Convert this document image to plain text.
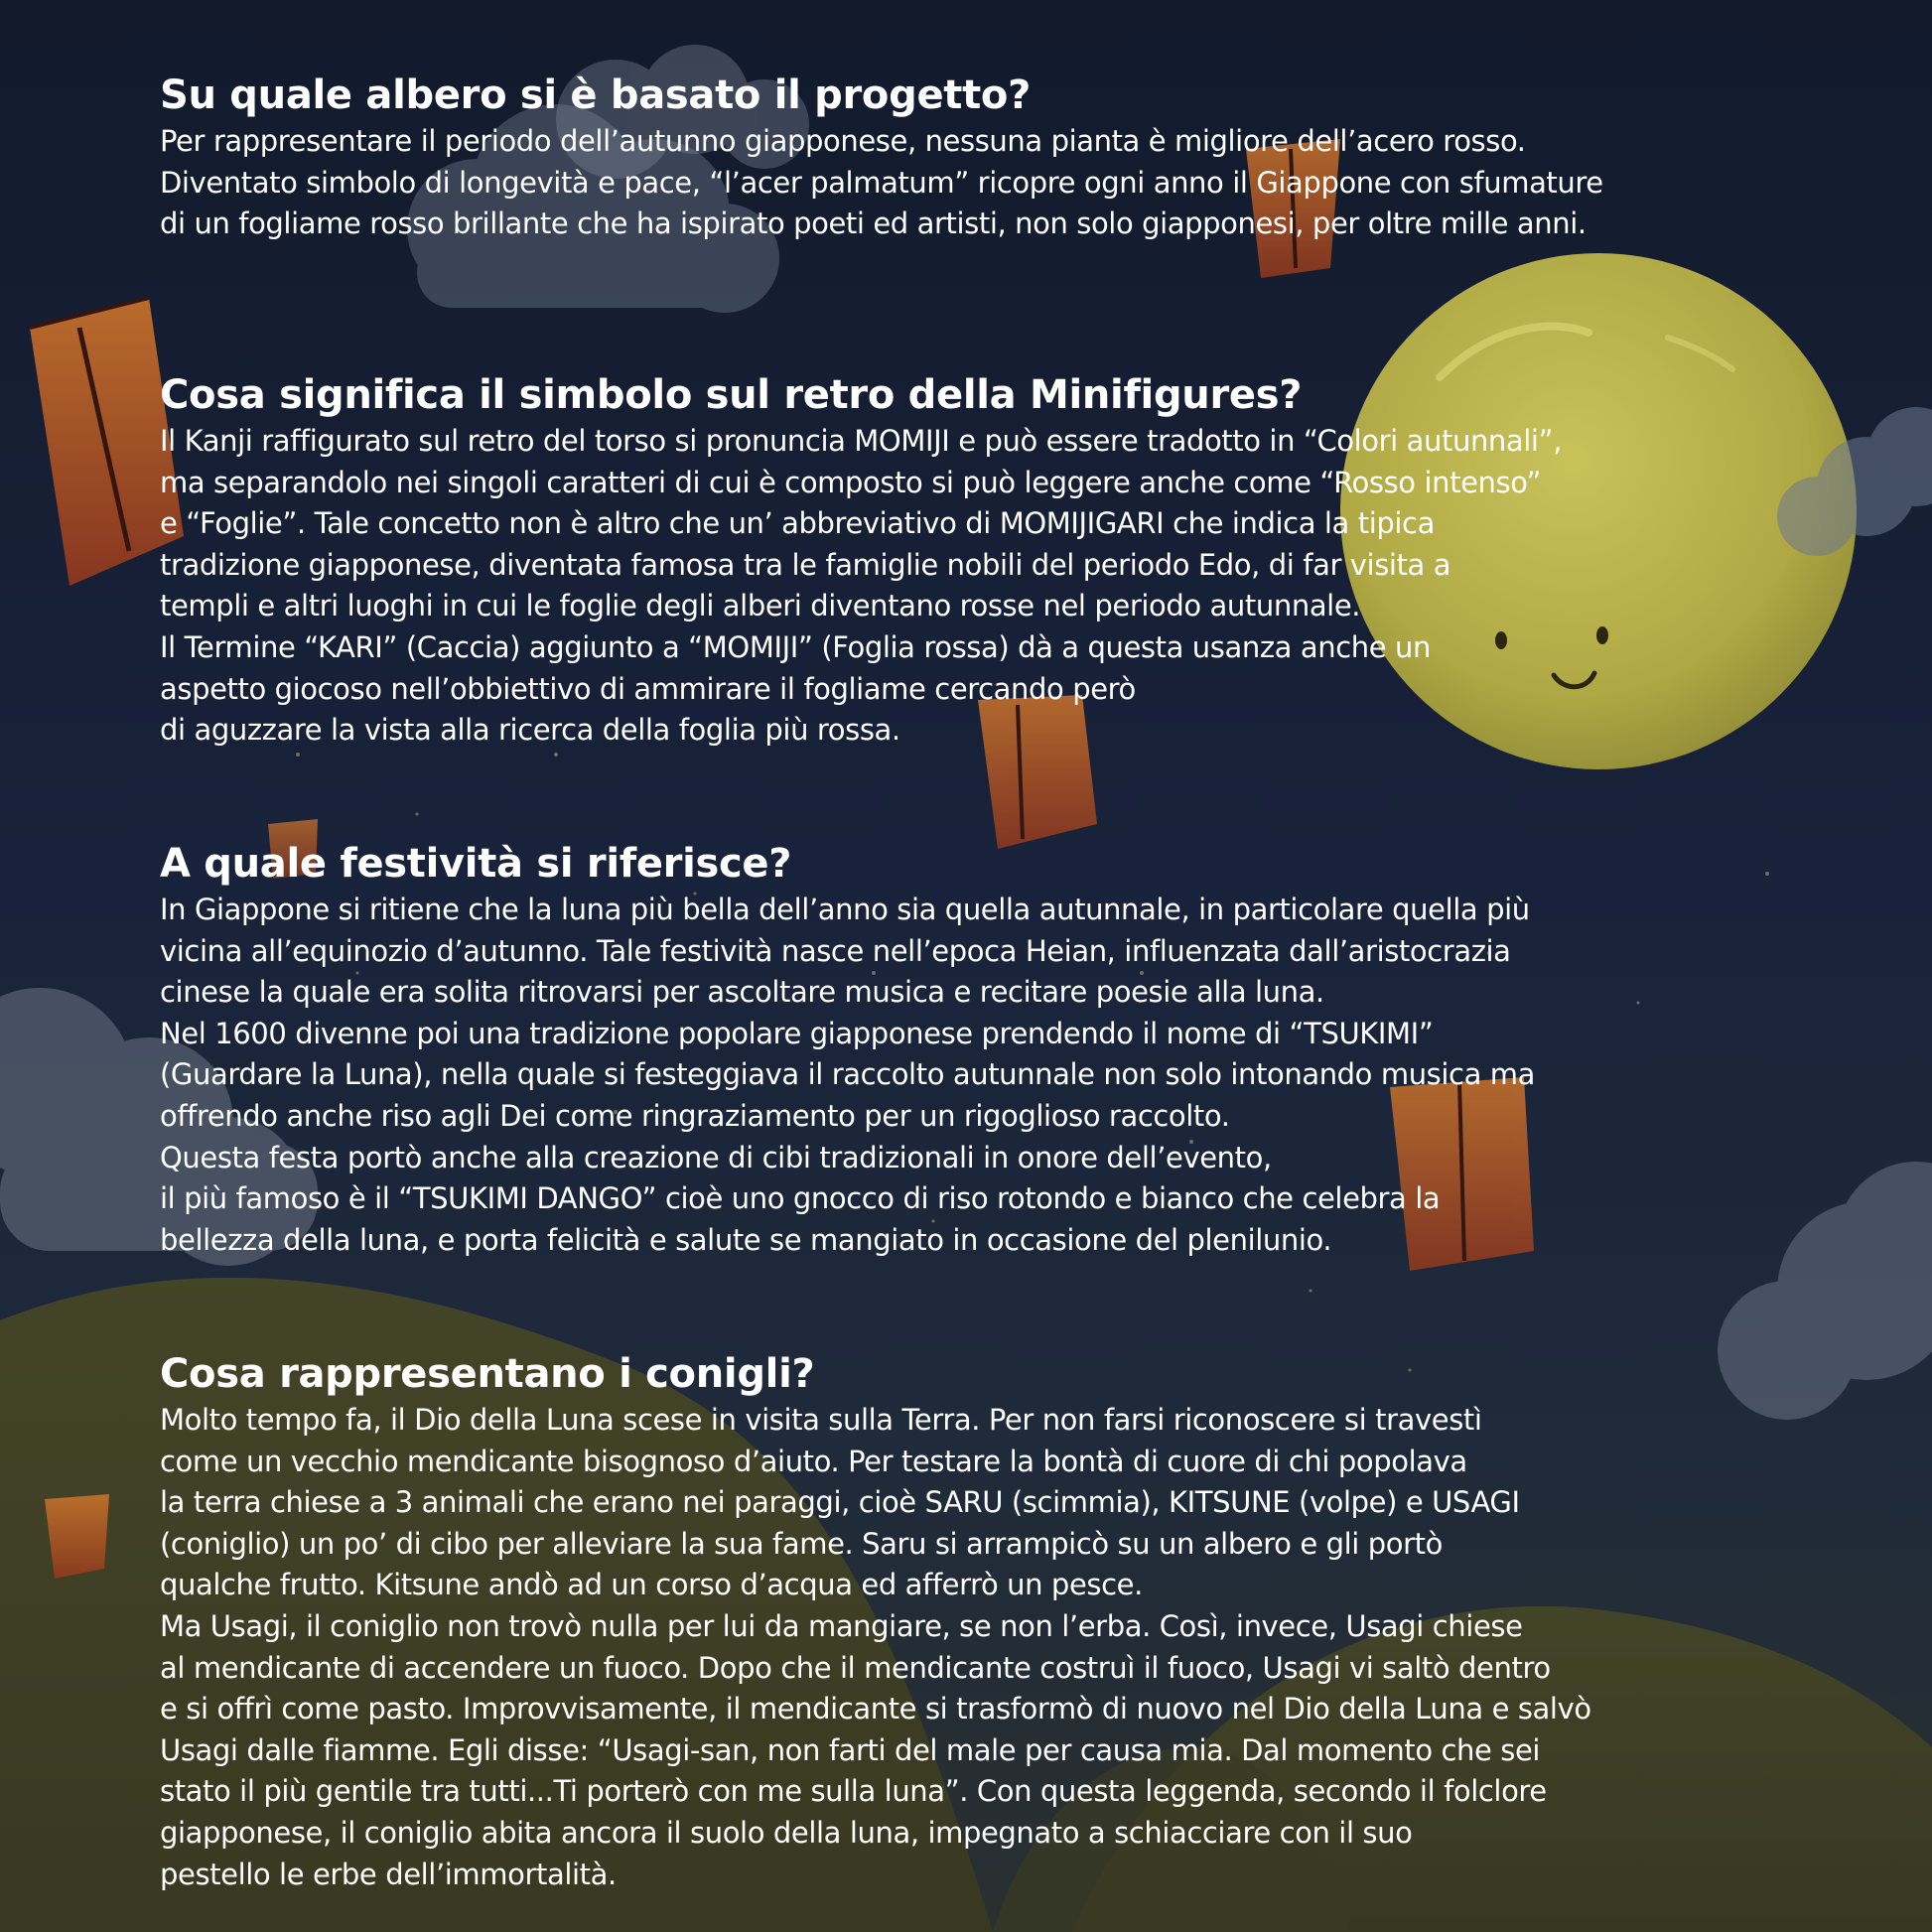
Su quale albero si è basato il progetto?
Per rappresentare il periodo dell’autunno giapponese, nessuna pianta è migliore dell’acero rosso.
Diventato simbolo di longevità e pace, “l’acer palmatum” ricopre ogni anno il Giappone con sfumature
di un fogliame rosso brillante che ha ispirato poeti ed artisti, non solo giapponesi, per oltre mille anni.
Cosa significa il simbolo sul retro della Minifigures?
Il Kanji raffigurato sul retro del torso si pronuncia MOMIJI e può essere tradotto in “Colori autunnali”,
ma separandolo nei singoli caratteri di cui è composto si può leggere anche come “Rosso intenso”
e “Foglie”. Tale concetto non è altro che un’ abbreviativo di MOMIJIGARI che indica la tipica
tradizione giapponese, diventata famosa tra le famiglie nobili del periodo Edo, di far visita a
templi e altri luoghi in cui le foglie degli alberi diventano rosse nel periodo autunnale.
Il Termine “KARI” (Caccia) aggiunto a “MOMIJI” (Foglia rossa) dà a questa usanza anche un
aspetto giocoso nell’obbiettivo di ammirare il fogliame cercando però
di aguzzare la vista alla ricerca della foglia più rossa.
A quale festività si riferisce?
In Giappone si ritiene che la luna più bella dell’anno sia quella autunnale, in particolare quella più
vicina all’equinozio d’autunno. Tale festività nasce nell’epoca Heian, influenzata dall’aristocrazia
cinese la quale era solita ritrovarsi per ascoltare musica e recitare poesie alla luna.
Nel 1600 divenne poi una tradizione popolare giapponese prendendo il nome di “TSUKIMI”
(Guardare la Luna), nella quale si festeggiava il raccolto autunnale non solo intonando musica ma
offrendo anche riso agli Dei come ringraziamento per un rigoglioso raccolto.
Questa festa portò anche alla creazione di cibi tradizionali in onore dell’evento,
il più famoso è il “TSUKIMI DANGO” cioè uno gnocco di riso rotondo e bianco che celebra la
bellezza della luna, e porta felicità e salute se mangiato in occasione del plenilunio.
Cosa rappresentano i conigli?
Molto tempo fa, il Dio della Luna scese in visita sulla Terra. Per non farsi riconoscere si travestì
come un vecchio mendicante bisognoso d’aiuto. Per testare la bontà di cuore di chi popolava
la terra chiese a 3 animali che erano nei paraggi, cioè SARU (scimmia), KITSUNE (volpe) e USAGI
(coniglio) un po’ di cibo per alleviare la sua fame. Saru si arrampicò su un albero e gli portò
qualche frutto. Kitsune andò ad un corso d’acqua ed afferrò un pesce.
Ma Usagi, il coniglio non trovò nulla per lui da mangiare, se non l’erba. Così, invece, Usagi chiese
al mendicante di accendere un fuoco. Dopo che il mendicante costruì il fuoco, Usagi vi saltò dentro
e si offrì come pasto. Improvvisamente, il mendicante si trasformò di nuovo nel Dio della Luna e salvò
Usagi dalle fiamme. Egli disse: “Usagi-san, non farti del male per causa mia. Dal momento che sei
stato il più gentile tra tutti...Ti porterò con me sulla luna”. Con questa leggenda, secondo il folclore
giapponese, il coniglio abita ancora il suolo della luna, impegnato a schiacciare con il suo
pestello le erbe dell’immortalità.
